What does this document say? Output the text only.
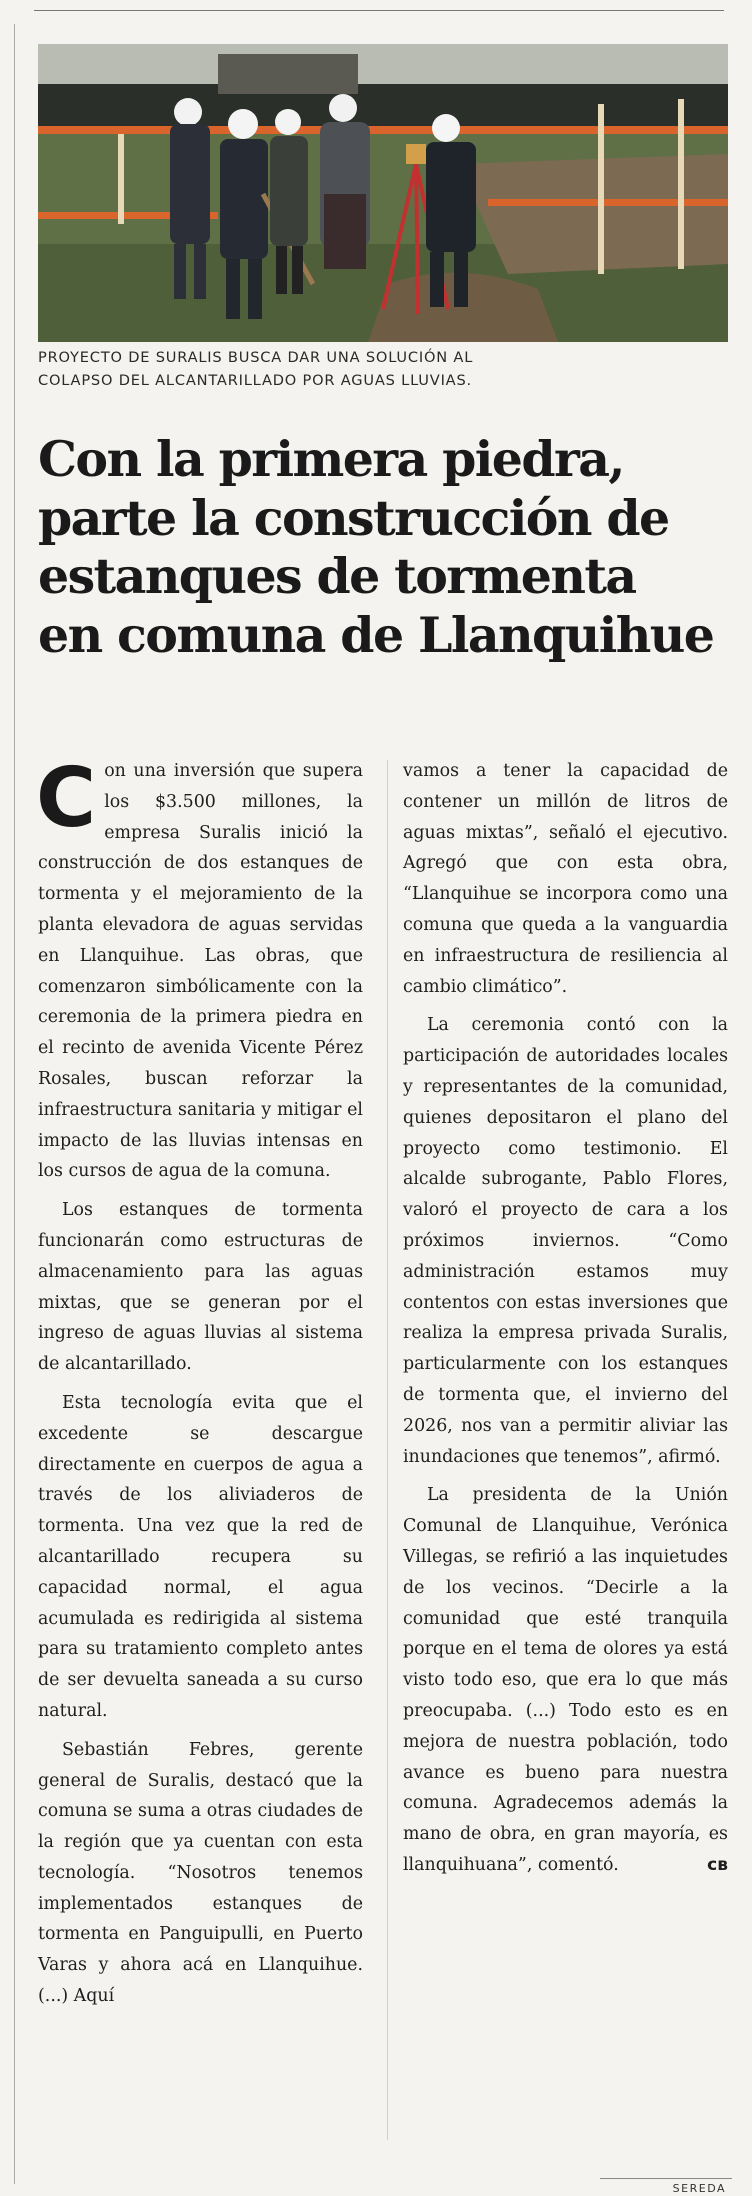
PROYECTO DE SURALIS BUSCA DAR UNA SOLUCIÓN AL
COLAPSO DEL ALCANTARILLADO POR AGUAS LLUVIAS.
Con la primera piedra,
parte la construcción de
estanques de tormenta
en comuna de Llanquihue

Con una inversión que supera los $3.500 millones, la empresa Suralis inició la construcción de dos estanques de tormenta y el mejoramiento de la planta elevadora de aguas servidas en Llanquihue. Las obras, que comenzaron simbólicamente con la ceremonia de la primera piedra en el recinto de avenida Vicente Pérez Rosales, buscan reforzar la infraestructura sanitaria y mitigar el impacto de las lluvias intensas en los cursos de agua de la comuna.

Los estanques de tormenta funcionarán como estructuras de almacenamiento para las aguas mixtas, que se generan por el ingreso de aguas lluvias al sistema de alcantarillado.

Esta tecnología evita que el excedente se descargue directamente en cuerpos de agua a través de los aliviaderos de tormenta. Una vez que la red de alcantarillado recupera su capacidad normal, el agua acumulada es redirigida al sistema para su tratamiento completo antes de ser devuelta saneada a su curso natural.

Sebastián Febres, gerente general de Suralis, destacó que la comuna se suma a otras ciudades de la región que ya cuentan con esta tecnología. “Nosotros tenemos implementados estanques de tormenta en Panguipulli, en Puerto Varas y ahora acá en Llanquihue. (...) Aquí

vamos a tener la capacidad de contener un millón de litros de aguas mixtas”, señaló el ejecutivo. Agregó que con esta obra, “Llanquihue se incorpora como una comuna que queda a la vanguardia en infraestructura de resiliencia al cambio climático”.

La ceremonia contó con la participación de autoridades locales y representantes de la comunidad, quienes depositaron el plano del proyecto como testimonio. El alcalde subrogante, Pablo Flores, valoró el proyecto de cara a los próximos inviernos. “Como administración estamos muy contentos con estas inversiones que realiza la empresa privada Suralis, particularmente con los estanques de tormenta que, el invierno del 2026, nos van a permitir aliviar las inundaciones que tenemos”, afirmó.

La presidenta de la Unión Comunal de Llanquihue, Verónica Villegas, se refirió a las inquietudes de los vecinos. “Decirle a la comunidad que esté tranquila porque en el tema de olores ya está visto todo eso, que era lo que más preocupaba. (...) Todo esto es en mejora de nuestra población, todo avance es bueno para nuestra comuna. Agradecemos además la mano de obra, en gran mayoría, es llanquihuana”, comentó.	cв

SEREDA
